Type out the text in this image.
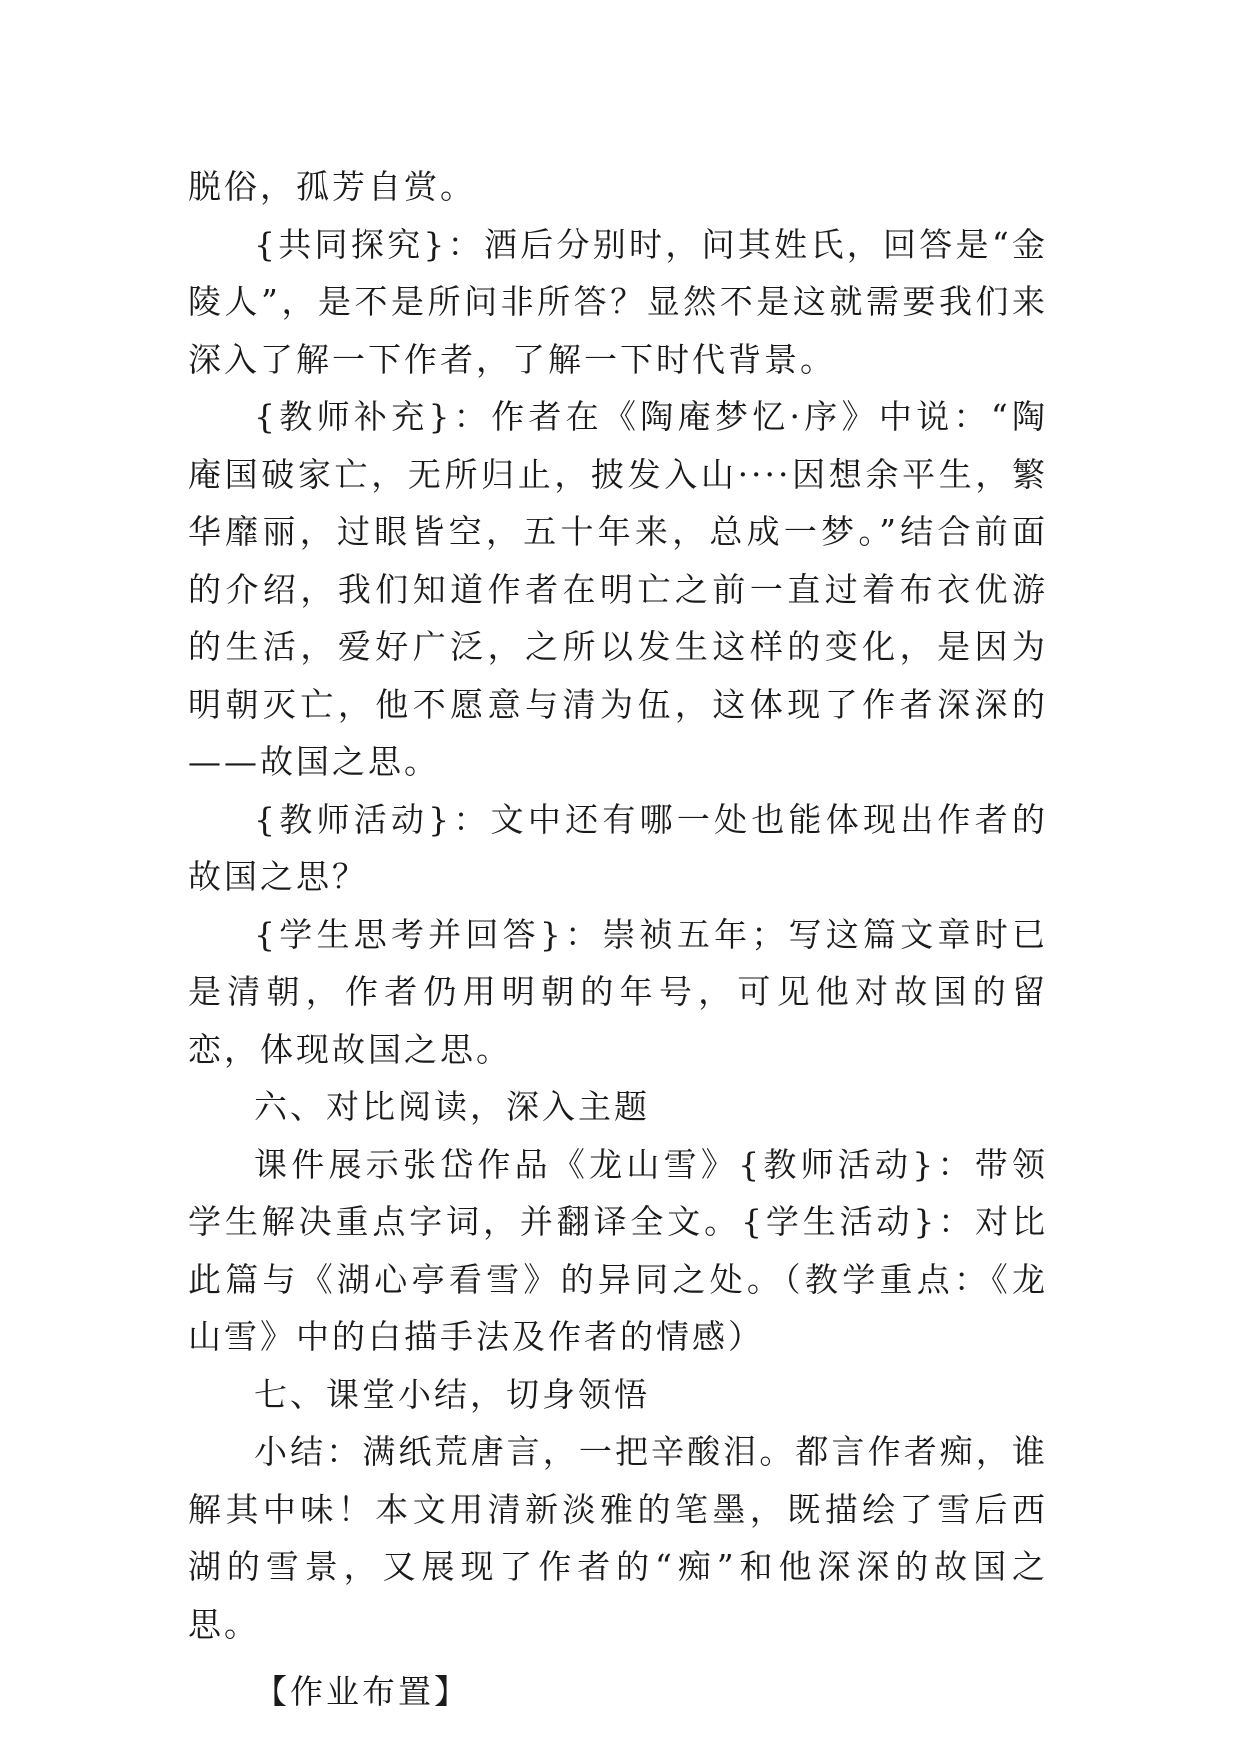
脱俗，孤芳自赏。

{共同探究}：酒后分别时，问其姓氏，回答是“金陵人”，是不是所问非所答？显然不是这就需要我们来深入了解一下作者，了解一下时代背景。

{教师补充}：作者在《陶庵梦忆·序》中说：“陶庵国破家亡，无所归止，披发入山····因想余平生，繁华靡丽，过眼皆空，五十年来，总成一梦。”结合前面的介绍，我们知道作者在明亡之前一直过着布衣优游的生活，爱好广泛，之所以发生这样的变化，是因为明朝灭亡，他不愿意与清为伍，这体现了作者深深的——故国之思。

{教师活动}：文中还有哪一处也能体现出作者的故国之思？

{学生思考并回答}：崇祯五年；写这篇文章时已是清朝，作者仍用明朝的年号，可见他对故国的留恋，体现故国之思。

六、对比阅读，深入主题

课件展示张岱作品《龙山雪》{教师活动}：带领学生解决重点字词，并翻译全文。{学生活动}：对比此篇与《湖心亭看雪》的异同之处。（教学重点：《龙山雪》中的白描手法及作者的情感）

七、课堂小结，切身领悟

小结：满纸荒唐言，一把辛酸泪。都言作者痴，谁解其中味！本文用清新淡雅的笔墨，既描绘了雪后西湖的雪景，又展现了作者的“痴”和他深深的故国之思。

【作业布置】
